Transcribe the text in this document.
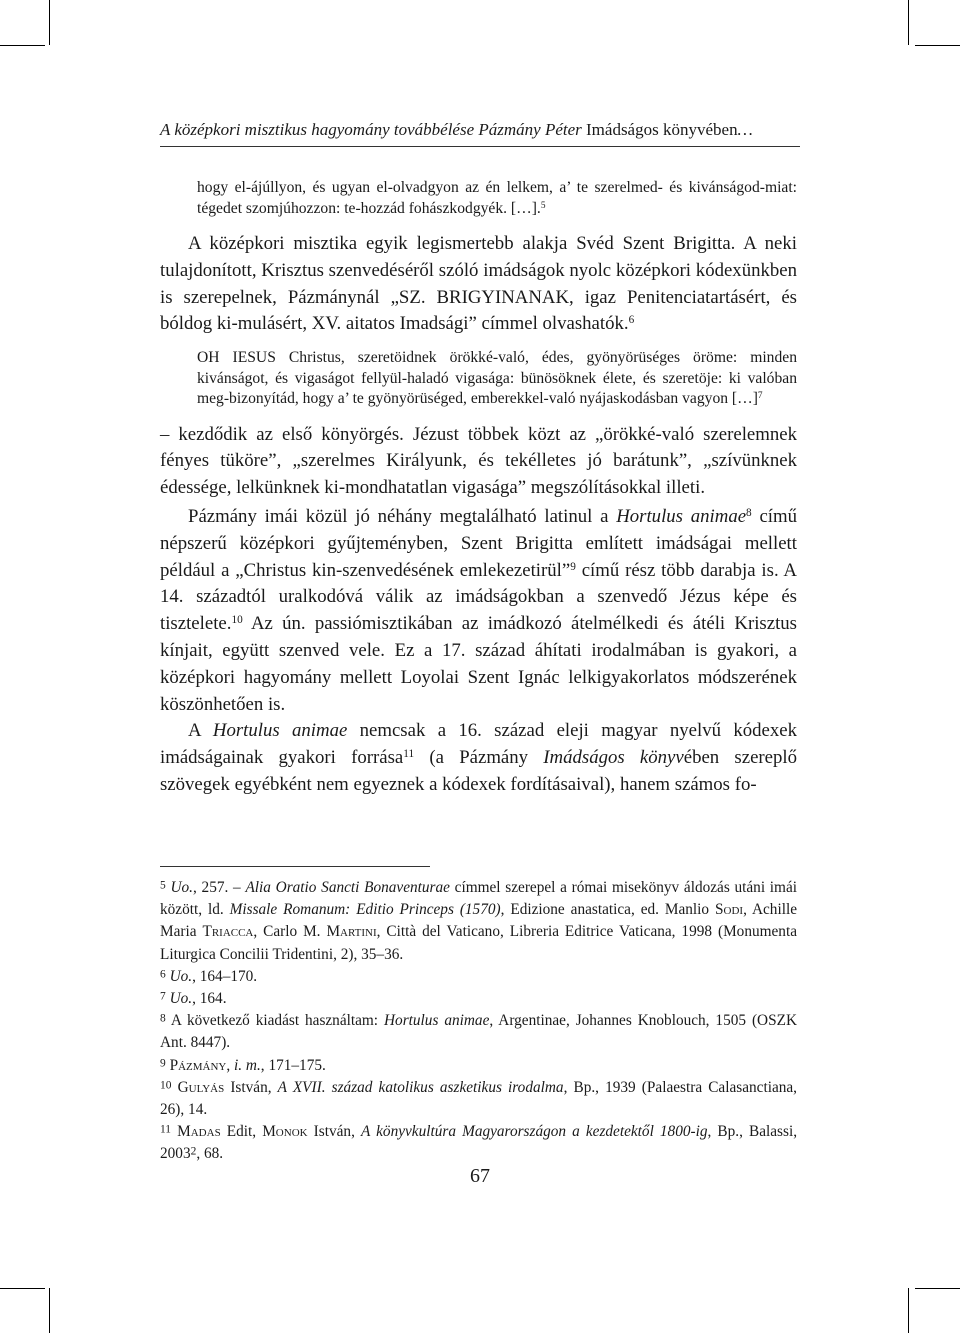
A középkori misztikus hagyomány továbbélése Pázmány Péter Imádságos könyvében…
hogy el-ájúllyon, és ugyan el-olvadgyon az én lelkem, a’ te szerelmed- és kivánságod-miat: tégedet szomjúhozzon: te-hozzád fohászkodgyék. […].$^5$

A középkori misztika egyik legismertebb alakja Svéd Szent Brigitta. A neki tulajdonított, Krisztus szenvedéséről szóló imádságok nyolc középkori kódexünkben is szerepelnek, Pázmánynál „SZ. BRIGYINANAK, igaz Penitenciatartásért, és bóldog ki-mulásért, XV. aitatos Imadsági” címmel olvashatók.$^6$

OH IESUS Christus, szeretöidnek örökké-való, édes, gyönyörüséges öröme: minden kivánságot, és vigaságot fellyül-haladó vigasága: bünösöknek élete, és szeretöje: ki valóban meg-bizonyítád, hogy a’ te gyönyörüséged, emberekkel-való nyájaskodásban vagyon […]$^7$

– kezdődik az első könyörgés. Jézust többek közt az „örökké-való szerelemnek fényes tüköre”, „szerelmes Királyunk, és tekélletes jó barátunk”, „szívünknek édessége, lelkünknek ki-mondhatatlan vigasága” megszólításokkal illeti.

Pázmány imái közül jó néhány megtalálható latinul a Hortulus animae$^8$ című népszerű középkori gyűjteményben, Szent Brigitta említett imádságai mellett például a „Christus kin-szenvedésének emlekezetirül”$^9$ című rész több darabja is. A 14. századtól uralkodóvá válik az imádságokban a szenvedő Jézus képe és tisztelete.$^{10}$ Az ún. passiómisztikában az imádkozó átelmélkedi és átéli Krisztus kínjait, együtt szenved vele. Ez a 17. század áhítati irodalmában is gyakori, a középkori hagyomány mellett Loyolai Szent Ignác lelkigyakorlatos módszerének köszönhetően is.

A Hortulus animae nemcsak a 16. század eleji magyar nyelvű kódexek imádságainak gyakori forrása$^{11}$ (a Pázmány Imádságos könyvében szereplő szövegek egyébként nem egyeznek a kódexek fordításaival), hanem számos fo-

$^5$ Uo., 257. – Alia Oratio Sancti Bonaventurae címmel szerepel a római misekönyv áldozás utáni imái között, ld. Missale Romanum: Editio Princeps (1570), Edizione anastatica, ed. Manlio Sodi, Achille Maria Triacca, Carlo M. Martini, Città del Vaticano, Libreria Editrice Vaticana, 1998 (Monumenta Liturgica Concilii Tridentini, 2), 35–36.

$^6$ Uo., 164–170.

$^7$ Uo., 164.

$^8$ A következő kiadást használtam: Hortulus animae, Argentinae, Johannes Knoblouch, 1505 (OSZK Ant. 8447).

$^9$ Pázmány, i. m., 171–175.

$^{10}$ Gulyás István, A XVII. század katolikus aszketikus irodalma, Bp., 1939 (Palaestra Calasanctiana, 26), 14.

$^{11}$ Madas Edit, Monok István, A könyvkultúra Magyarországon a kezdetektől 1800-ig, Bp., Balassi, 2003$^2$, 68.

67
